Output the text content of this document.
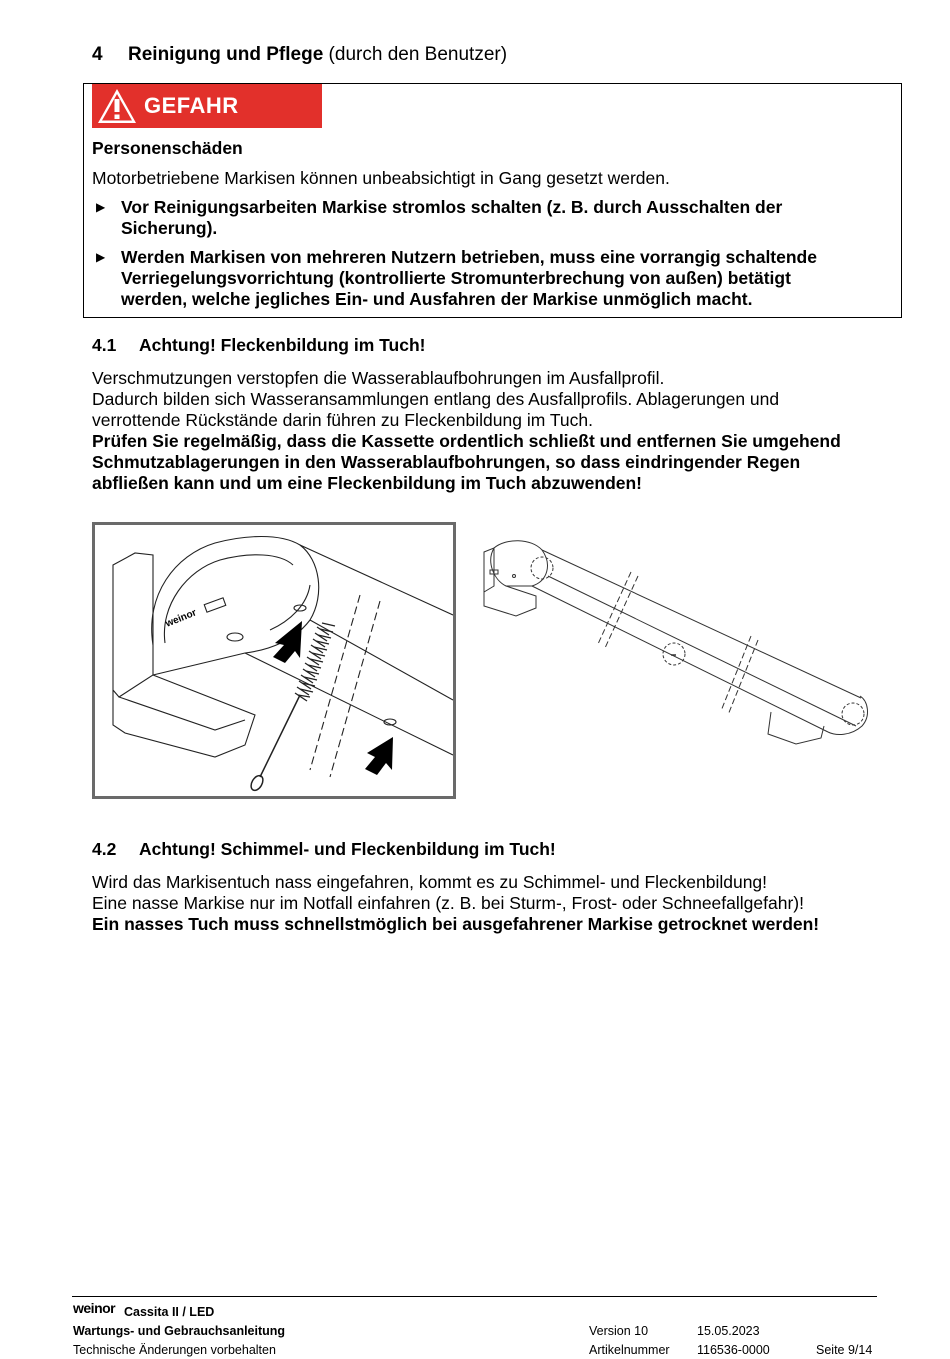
4 Reinigung und Pflege (durch den Benutzer)
GEFAHR
Personenschäden
Motorbetriebene Markisen können unbeabsichtigt in Gang gesetzt werden.
▶ Vor Reinigungsarbeiten Markise stromlos schalten (z. B. durch Ausschalten der
Sicherung).
▶ Werden Markisen von mehreren Nutzern betrieben, muss eine vorrangig schaltende
Verriegelungsvorrichtung (kontrollierte Stromunterbrechung von außen) betätigt
werden, welche jegliches Ein- und Ausfahren der Markise unmöglich macht.
4.1 Achtung! Fleckenbildung im Tuch!
Verschmutzungen verstopfen die Wasserablaufbohrungen im Ausfallprofil.
Dadurch bilden sich Wasseransammlungen entlang des Ausfallprofils. Ablagerungen und
verrottende Rückstände darin führen zu Fleckenbildung im Tuch.
Prüfen Sie regelmäßig, dass die Kassette ordentlich schließt und entfernen Sie umgehend
Schmutzablagerungen in den Wasserablaufbohrungen, so dass eindringender Regen
abfließen kann und um eine Fleckenbildung im Tuch abzuwenden!
weinor
4.2 Achtung! Schimmel- und Fleckenbildung im Tuch!
Wird das Markisentuch nass eingefahren, kommt es zu Schimmel- und Fleckenbildung!
Eine nasse Markise nur im Notfall einfahren (z. B. bei Sturm-, Frost- oder Schneefallgefahr)!
Ein nasses Tuch muss schnellstmöglich bei ausgefahrener Markise getrocknet werden!
weinor Cassita II / LED
Wartungs- und Gebrauchsanleitung
Technische Änderungen vorbehalten
Version 10	15.05.2023
Artikelnummer 116536-0000	Seite 9/14
